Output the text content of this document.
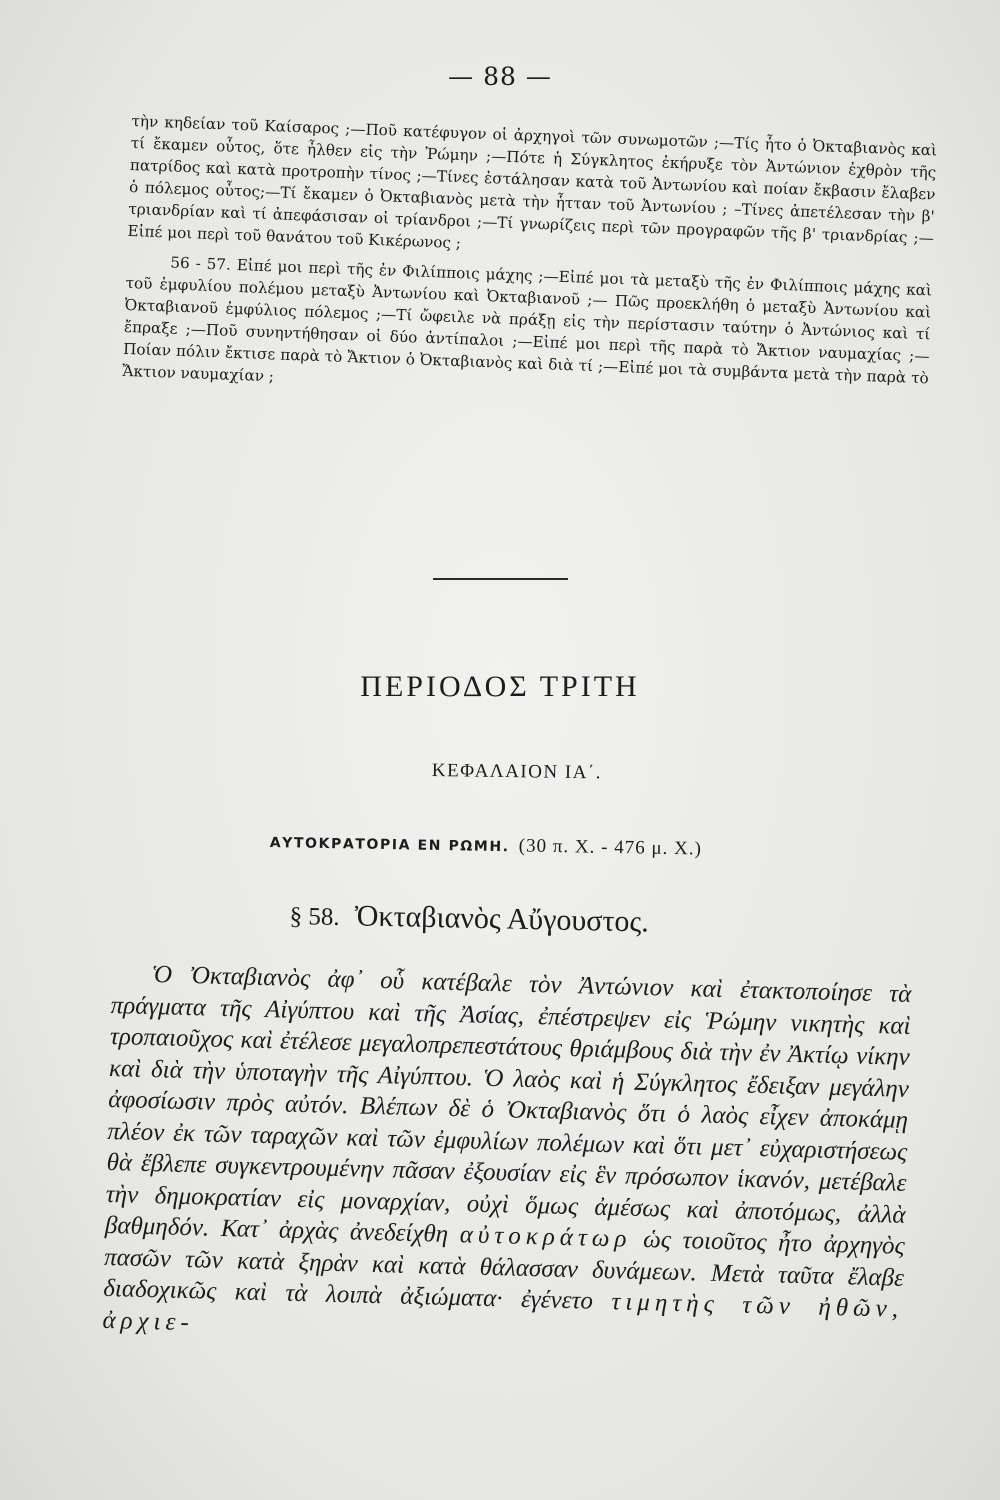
— 88 —

τὴν κηδείαν τοῦ Καίσαρος ;—Ποῦ κατέφυγον οἱ ἀρχηγοὶ τῶν συνωμοτῶν ;—Τίς ἦτο ὁ Ὀκταβιανὸς καὶ τί ἔκαμεν οὗτος, ὅτε ἦλθεν εἰς τὴν Ῥώμην ;—Πότε ἡ Σύγκλητος ἐκήρυξε τὸν Ἀντώνιον ἐχθρὸν τῆς πατρίδος καὶ κατὰ προτροπὴν τίνος ;—Τίνες ἐστάλησαν κατὰ τοῦ Ἀντωνίου καὶ ποίαν ἔκβασιν ἔλαβεν ὁ πόλεμος οὗτος;—Τί ἔκαμεν ὁ Ὀκταβιανὸς μετὰ τὴν ἧτταν τοῦ Ἀντωνίου ; –Τίνες ἀπετέλεσαν τὴν β' τριανδρίαν καὶ τί ἀπεφάσισαν οἱ τρίανδροι ;—Τί γνωρίζεις περὶ τῶν προγραφῶν τῆς β' τριανδρίας ;— Εἰπέ μοι περὶ τοῦ θανάτου τοῦ Κικέρωνος ;

56 - 57. Εἰπέ μοι περὶ τῆς ἐν Φιλίπποις μάχης ;—Εἰπέ μοι τὰ μεταξὺ τῆς ἐν Φιλίπποις μάχης καὶ τοῦ ἐμφυλίου πολέμου μεταξὺ Ἀντωνίου καὶ Ὀκταβιανοῦ ;— Πῶς προεκλήθη ὁ μεταξὺ Ἀντωνίου καὶ Ὀκταβιανοῦ ἐμφύλιος πόλεμος ;—Τί ὤφειλε νὰ πράξῃ εἰς τὴν περίστασιν ταύτην ὁ Ἀντώνιος καὶ τί ἔπραξε ;—Ποῦ συνηντήθησαν οἱ δύο ἀντίπαλοι ;—Εἰπέ μοι περὶ τῆς παρὰ τὸ Ἄκτιον ναυμαχίας ;—Ποίαν πόλιν ἔκτισε παρὰ τὸ Ἄκτιον ὁ Ὀκταβιανὸς καὶ διὰ τί ;—Εἰπέ μοι τὰ συμβάντα μετὰ τὴν παρὰ τὸ Ἄκτιον ναυμαχίαν ;

ΠΕΡΙΟΔΟΣ ΤΡΙΤΗ
ΚΕΦΑΛΑΙΟΝ ΙΑ΄.
ΑΥΤΟΚΡΑΤΟΡΙΑ ΕΝ ΡΩΜΗ. (30 π. Χ. - 476 μ. Χ.)
§ 58. Ὀκταβιανὸς Αὔγουστος.

Ὁ Ὀκταβιανὸς ἀφ᾽ οὗ κατέβαλε τὸν Ἀντώνιον καὶ ἐτακτοποίησε τὰ πράγματα τῆς Αἰγύπτου καὶ τῆς Ἀσίας, ἐπέστρεψεν εἰς Ῥώμην νικητὴς καὶ τροπαιοῦχος καὶ ἐτέλεσε μεγαλοπρεπεστάτους θριάμβους διὰ τὴν ἐν Ἀκτίῳ νίκην καὶ διὰ τὴν ὑποταγὴν τῆς Αἰγύπτου. Ὁ λαὸς καὶ ἡ Σύγκλητος ἔδειξαν μεγάλην ἀφοσίωσιν πρὸς αὐτόν. Βλέπων δὲ ὁ Ὀκταβιανὸς ὅτι ὁ λαὸς εἶχεν ἀποκάμῃ πλέον ἐκ τῶν ταραχῶν καὶ τῶν ἐμφυλίων πολέμων καὶ ὅτι μετ᾽ εὐχαριστήσεως θὰ ἔβλεπε συγκεντρουμένην πᾶσαν ἐξουσίαν εἰς ἓν πρόσωπον ἱκανόν, μετέβαλε τὴν δημοκρατίαν εἰς μοναρχίαν, οὐχὶ ὅμως ἀμέσως καὶ ἀποτόμως, ἀλλὰ βαθμηδόν. Κατ᾽ ἀρχὰς ἀνεδείχθη αὐτοκράτωρ ὡς τοιοῦτος ἦτο ἀρχηγὸς πασῶν τῶν κατὰ ξηρὰν καὶ κατὰ θάλασσαν δυνάμεων. Μετὰ ταῦτα ἔλαβε διαδοχικῶς καὶ τὰ λοιπὰ ἀξιώματα· ἐγένετο τιμητὴς τῶν ἠθῶν, ἀρχιε-
